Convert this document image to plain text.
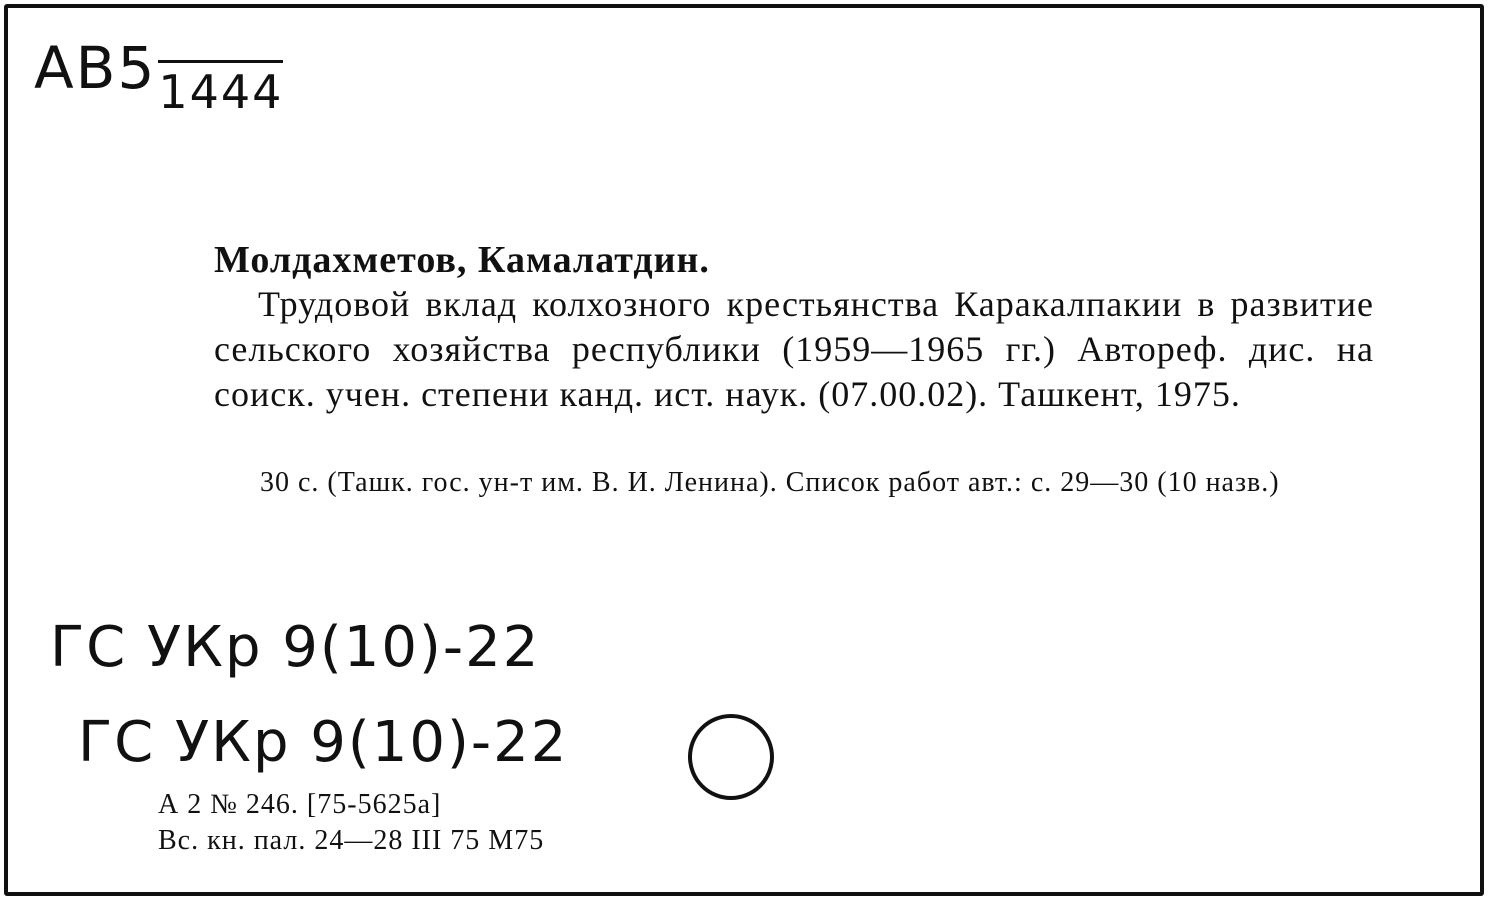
AB51444
Молдахметов, Камалатдин.
Трудовой вклад колхозного крестьянства Каракалпакии в развитие сельского хозяйства республики (1959—1965 гг.) Автореф. дис. на соиск. учен. степени канд. ист. наук. (07.00.02). Ташкент, 1975.
30 с. (Ташк. гос. ун-т им. В. И. Ленина). Список работ авт.: с. 29—30 (10 назв.)
ГС УКр 9(10)-22
ГС УКр 9(10)-22
А 2 № 246. [75-5625а]
Вс. кн. пал. 24—28 III 75 М75
